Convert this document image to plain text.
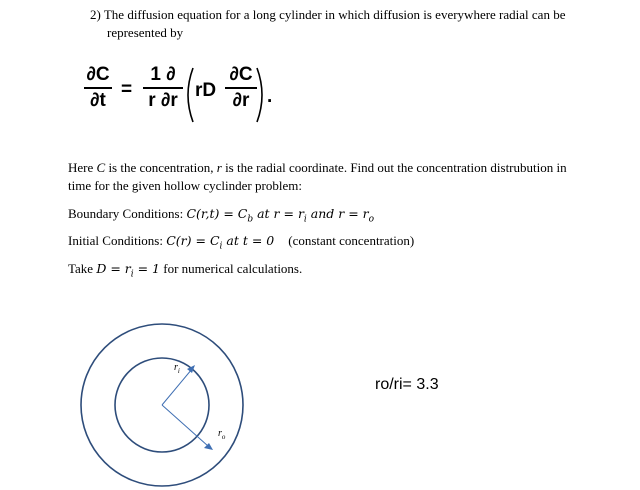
2) The diffusion equation for a long cylinder in which diffusion is everywhere radial can be
represented by
∂C
∂t =
1 ∂
r ∂r rD
∂C
∂r .
Here C is the concentration, r is the radial coordinate. Find out the concentration distrubution in
time for the given hollow cyclinder problem:
Boundary Conditions: $C(r,t) = C_b$ at $r = r_i$ and $r = r_o$
Initial Conditions: $C(r) = C_i$ at t = 0 (constant concentration)
Take $D = r_i = 1$ for numerical calculations.
$r_i$
$r_o$
ro/ri= 3.3
